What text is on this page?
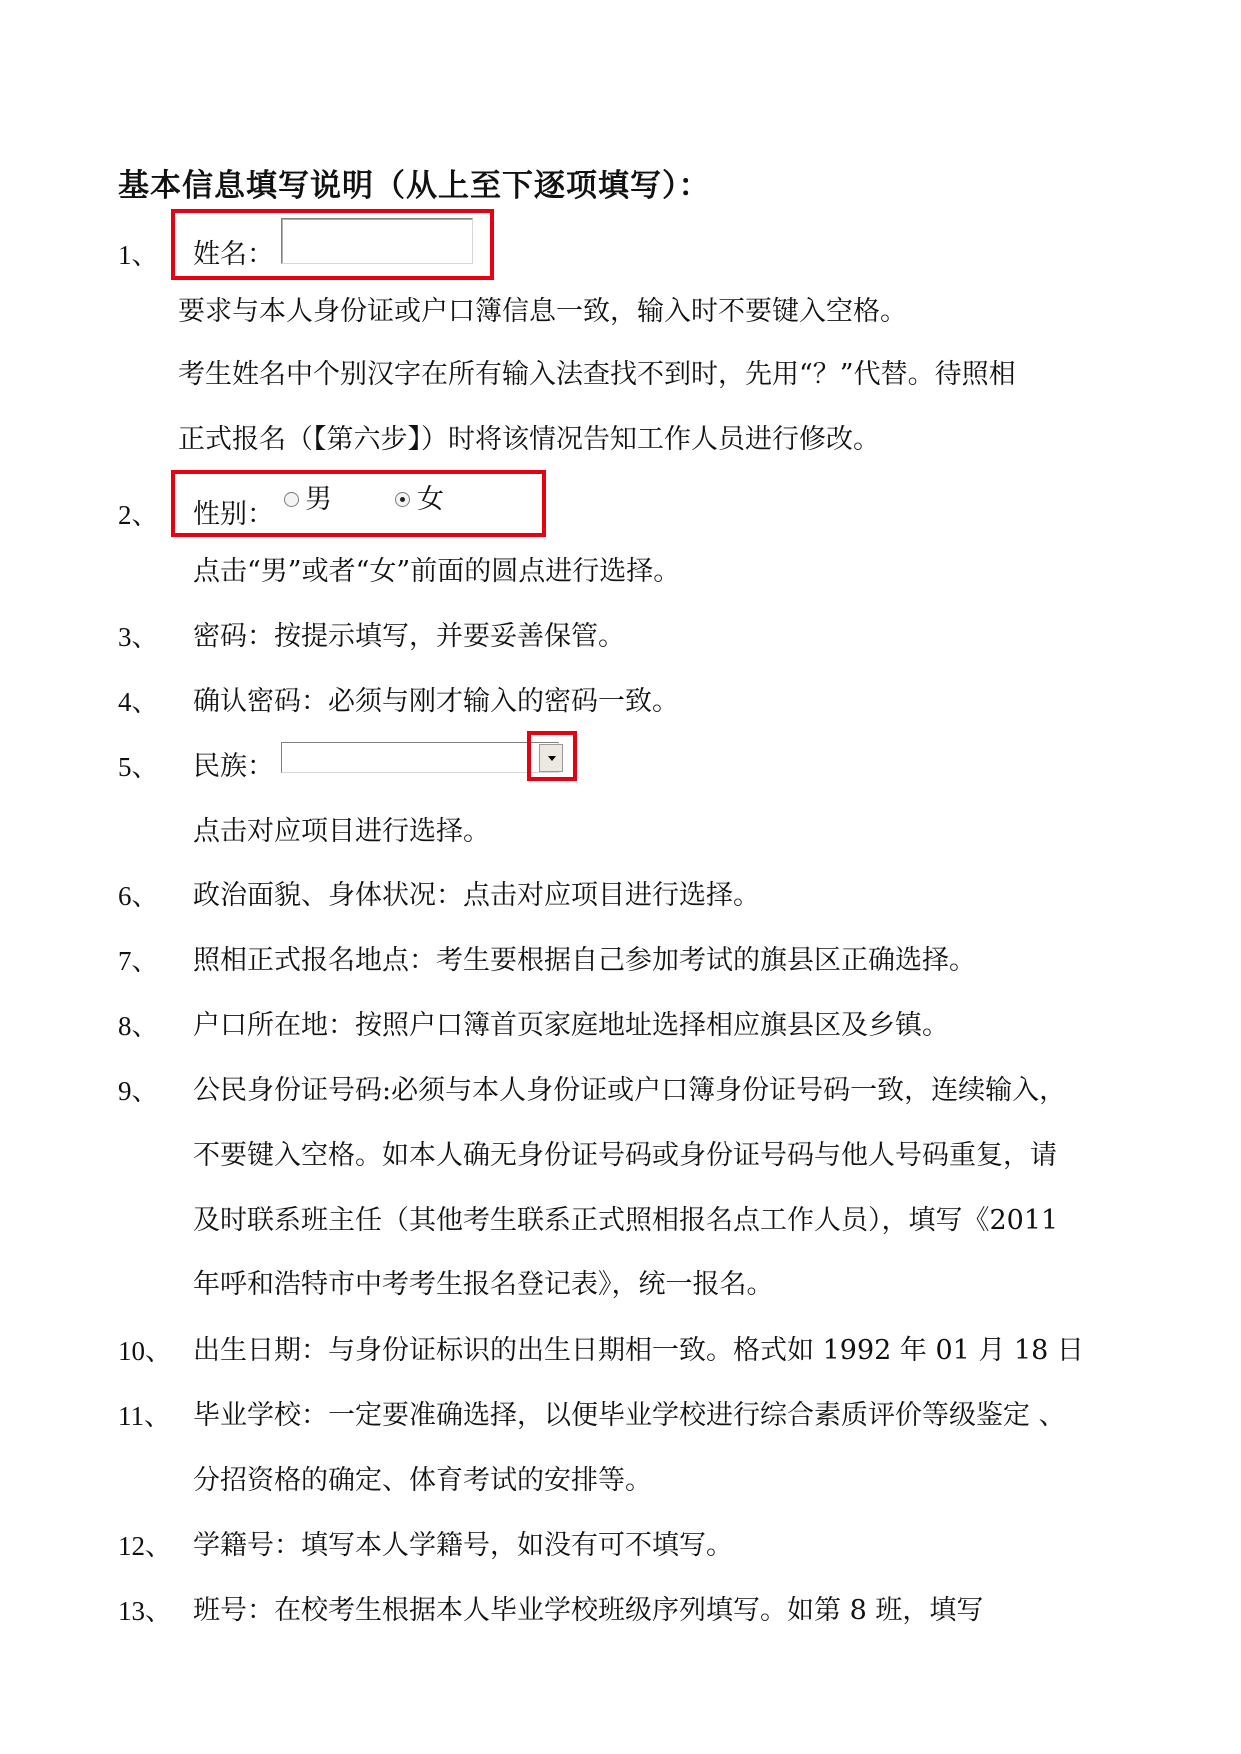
基本信息填写说明（从上至下逐项填写）：
1、 姓名：
要求与本人身份证或户口簿信息一致，输入时不要键入空格。
考生姓名中个别汉字在所有输入法查找不到时，先用“？”代替。待照相
正式报名（【第六步】）时将该情况告知工作人员进行修改。
2、 性别： 男	女
点击“男”或者“女”前面的圆点进行选择。
3、 密码：按提示填写，并要妥善保管。
4、 确认密码：必须与刚才输入的密码一致。
5、 民族：
点击对应项目进行选择。
6、 政治面貌、身体状况：点击对应项目进行选择。
7、 照相正式报名地点：考生要根据自己参加考试的旗县区正确选择。
8、 户口所在地：按照户口簿首页家庭地址选择相应旗县区及乡镇。
9、 公民身份证号码:必须与本人身份证或户口簿身份证号码一致，连续输入，
不要键入空格。如本人确无身份证号码或身份证号码与他人号码重复，请
及时联系班主任（其他考生联系正式照相报名点工作人员），填写《2011
年呼和浩特市中考考生报名登记表》，统一报名。
10、 出生日期：与身份证标识的出生日期相一致。格式如 1992 年 01 月 18 日
11、 毕业学校：一定要准确选择，以便毕业学校进行综合素质评价等级鉴定 、
分招资格的确定、体育考试的安排等。
12、 学籍号：填写本人学籍号，如没有可不填写。
13、 班号：在校考生根据本人毕业学校班级序列填写。如第 8 班，填写
